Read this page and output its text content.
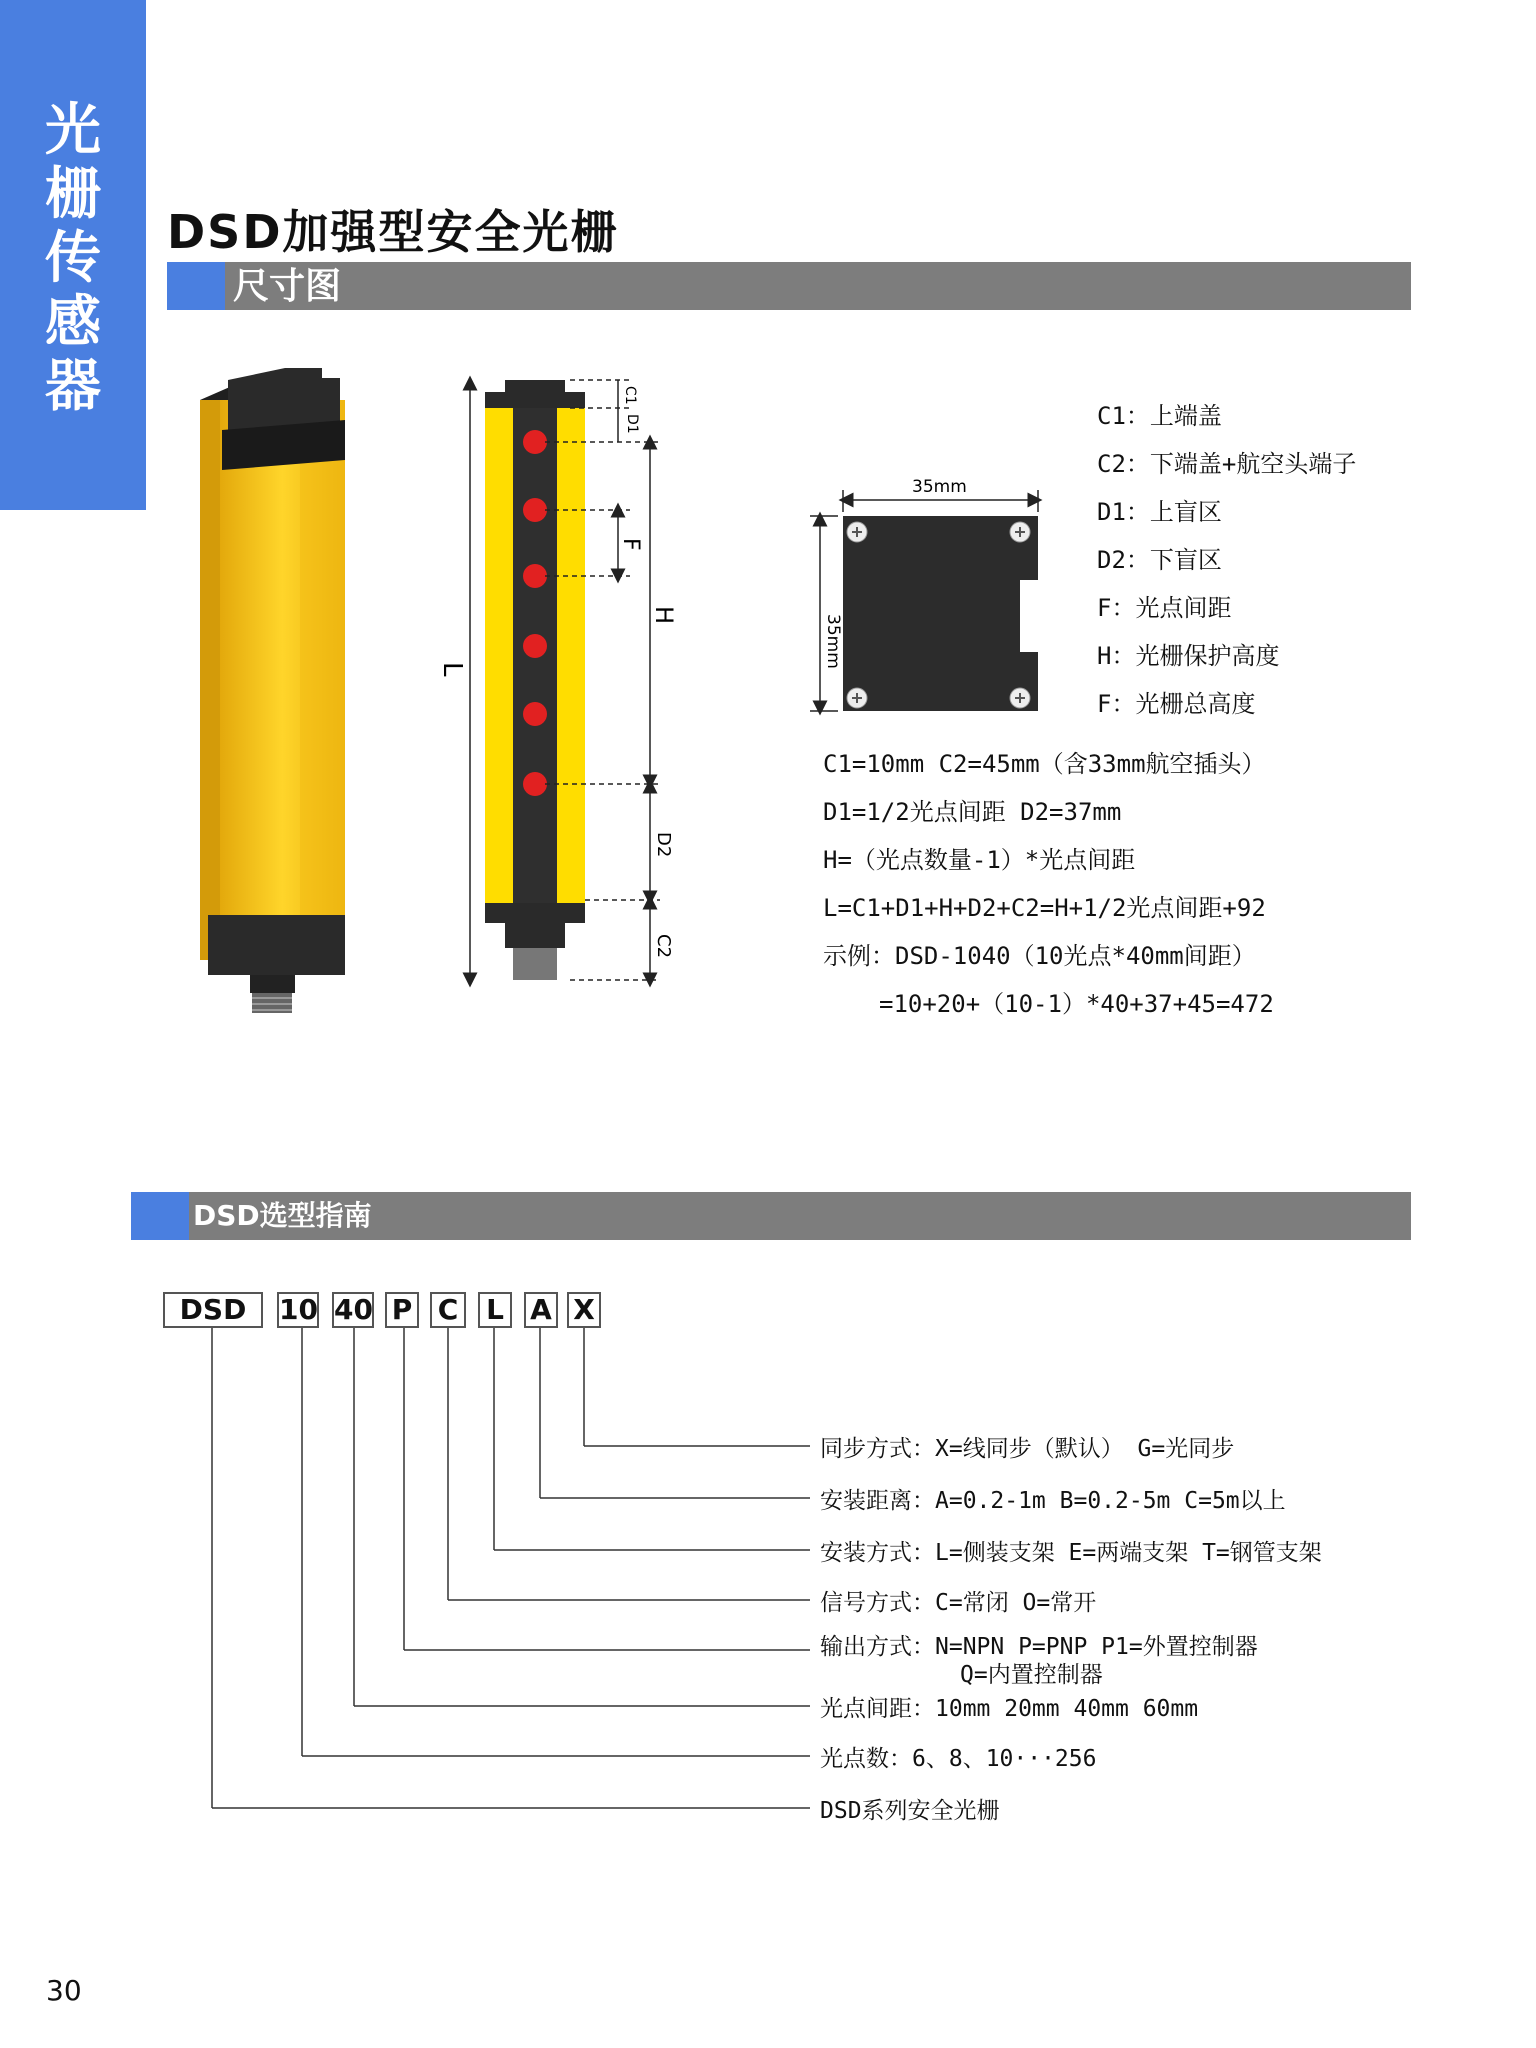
光
栅
传
感
器
DSD加强型安全光栅
尺寸图
L
H
F
C1
D1
D2
C2
35mm
35mm
C1：上端盖
C2：下端盖+航空头端子
D1：上盲区
D2：下盲区
F：光点间距
H：光栅保护高度
F：光栅总高度
C1=10mm C2=45mm（含33mm航空插头）
D1=1/2光点间距 D2=37mm
H=（光点数量-1）*光点间距
L=C1+D1+H+D2+C2=H+1/2光点间距+92
示例：DSD-1040（10光点*40mm间距）
=10+20+（10-1）*40+37+45=472
DSD选型指南
DSD	10 40 P C L A X
同步方式：X=线同步（默认） G=光同步
安装距离：A=0.2-1m B=0.2-5m C=5m以上
安装方式：L=侧装支架 E=两端支架 T=钢管支架
信号方式：C=常闭 O=常开
输出方式：N=NPN P=PNP P1=外置控制器
Q=内置控制器
光点间距：10mm 20mm 40mm 60mm
光点数：6、8、10···256
DSD系列安全光栅
30
